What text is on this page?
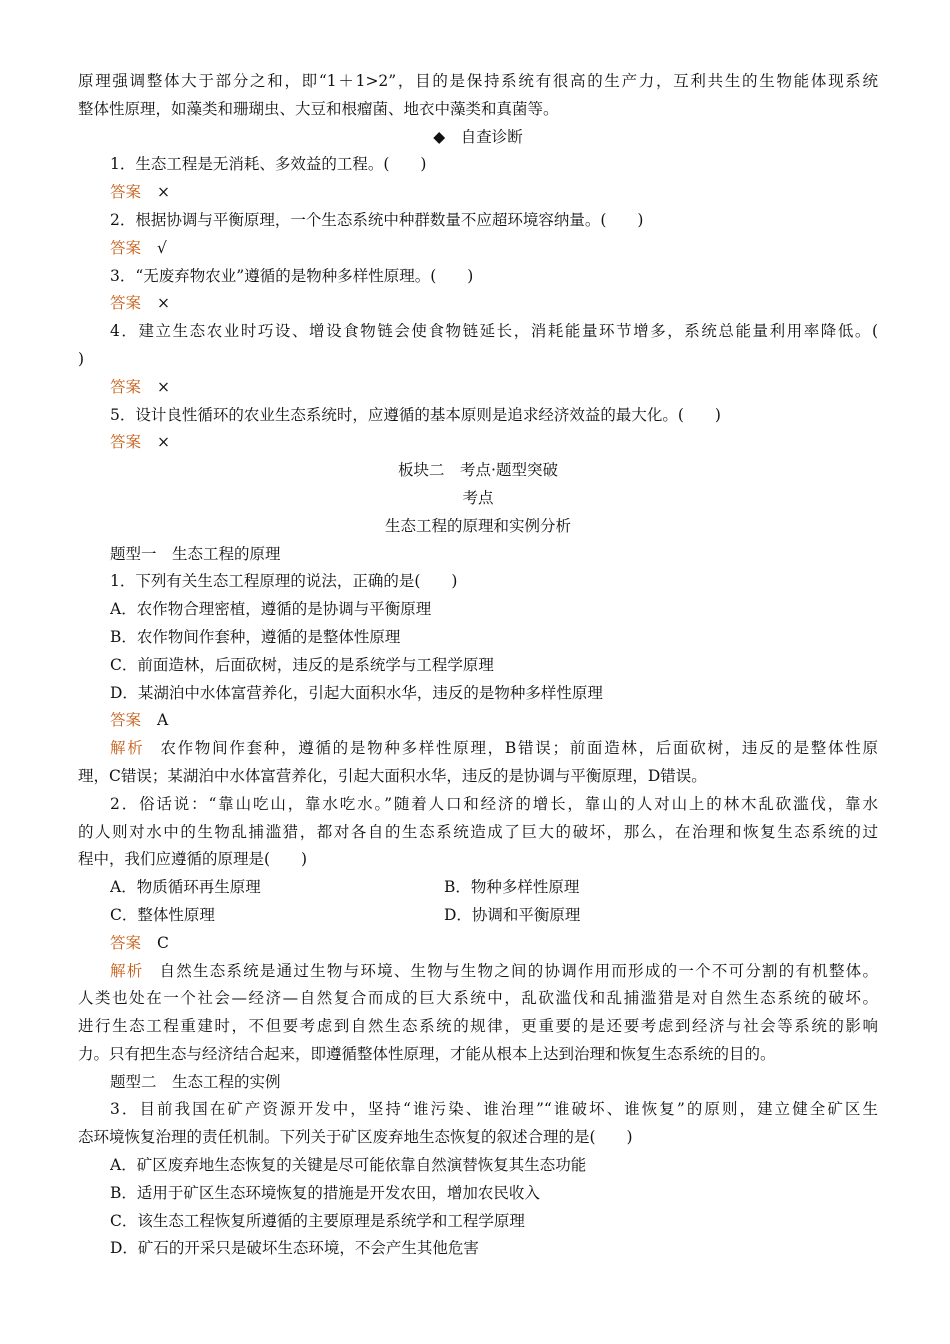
原理强调整体大于部分之和，即“1＋1>2”，目的是保持系统有很高的生产力，互利共生的生物能体现系统
整体性原理，如藻类和珊瑚虫、大豆和根瘤菌、地衣中藻类和真菌等。
◆　自查诊断
1．生态工程是无消耗、多效益的工程。(　　)
答案 ×
2．根据协调与平衡原理，一个生态系统中种群数量不应超环境容纳量。(　　)
答案 √
3．“无废弃物农业”遵循的是物种多样性原理。(　　)
答案 ×
4．建立生态农业时巧设、增设食物链会使食物链延长，消耗能量环节增多，系统总能量利用率降低。(
)
答案 ×
5．设计良性循环的农业生态系统时，应遵循的基本原则是追求经济效益的最大化。(　　)
答案 ×
板块二　考点·题型突破
考点
生态工程的原理和实例分析
题型一　生态工程的原理
1．下列有关生态工程原理的说法，正确的是(　　)
A．农作物合理密植，遵循的是协调与平衡原理
B．农作物间作套种，遵循的是整体性原理
C．前面造林，后面砍树，违反的是系统学与工程学原理
D．某湖泊中水体富营养化，引起大面积水华，违反的是物种多样性原理
答案 A
解析 农作物间作套种，遵循的是物种多样性原理，B错误；前面造林，后面砍树，违反的是整体性原
理，C错误；某湖泊中水体富营养化，引起大面积水华，违反的是协调与平衡原理，D错误。
2．俗话说：“靠山吃山，靠水吃水。”随着人口和经济的增长，靠山的人对山上的林木乱砍滥伐，靠水
的人则对水中的生物乱捕滥猎，都对各自的生态系统造成了巨大的破坏，那么，在治理和恢复生态系统的过
程中，我们应遵循的原理是(　　)
A．物质循环再生原理	B．物种多样性原理
C．整体性原理	D．协调和平衡原理
答案 C
解析 自然生态系统是通过生物与环境、生物与生物之间的协调作用而形成的一个不可分割的有机整体。
人类也处在一个社会—经济—自然复合而成的巨大系统中，乱砍滥伐和乱捕滥猎是对自然生态系统的破坏。
进行生态工程重建时，不但要考虑到自然生态系统的规律，更重要的是还要考虑到经济与社会等系统的影响
力。只有把生态与经济结合起来，即遵循整体性原理，才能从根本上达到治理和恢复生态系统的目的。
题型二　生态工程的实例
3．目前我国在矿产资源开发中，坚持“谁污染、谁治理”“谁破坏、谁恢复”的原则，建立健全矿区生
态环境恢复治理的责任机制。下列关于矿区废弃地生态恢复的叙述合理的是(　　)
A．矿区废弃地生态恢复的关键是尽可能依靠自然演替恢复其生态功能
B．适用于矿区生态环境恢复的措施是开发农田，增加农民收入
C．该生态工程恢复所遵循的主要原理是系统学和工程学原理
D．矿石的开采只是破坏生态环境，不会产生其他危害
